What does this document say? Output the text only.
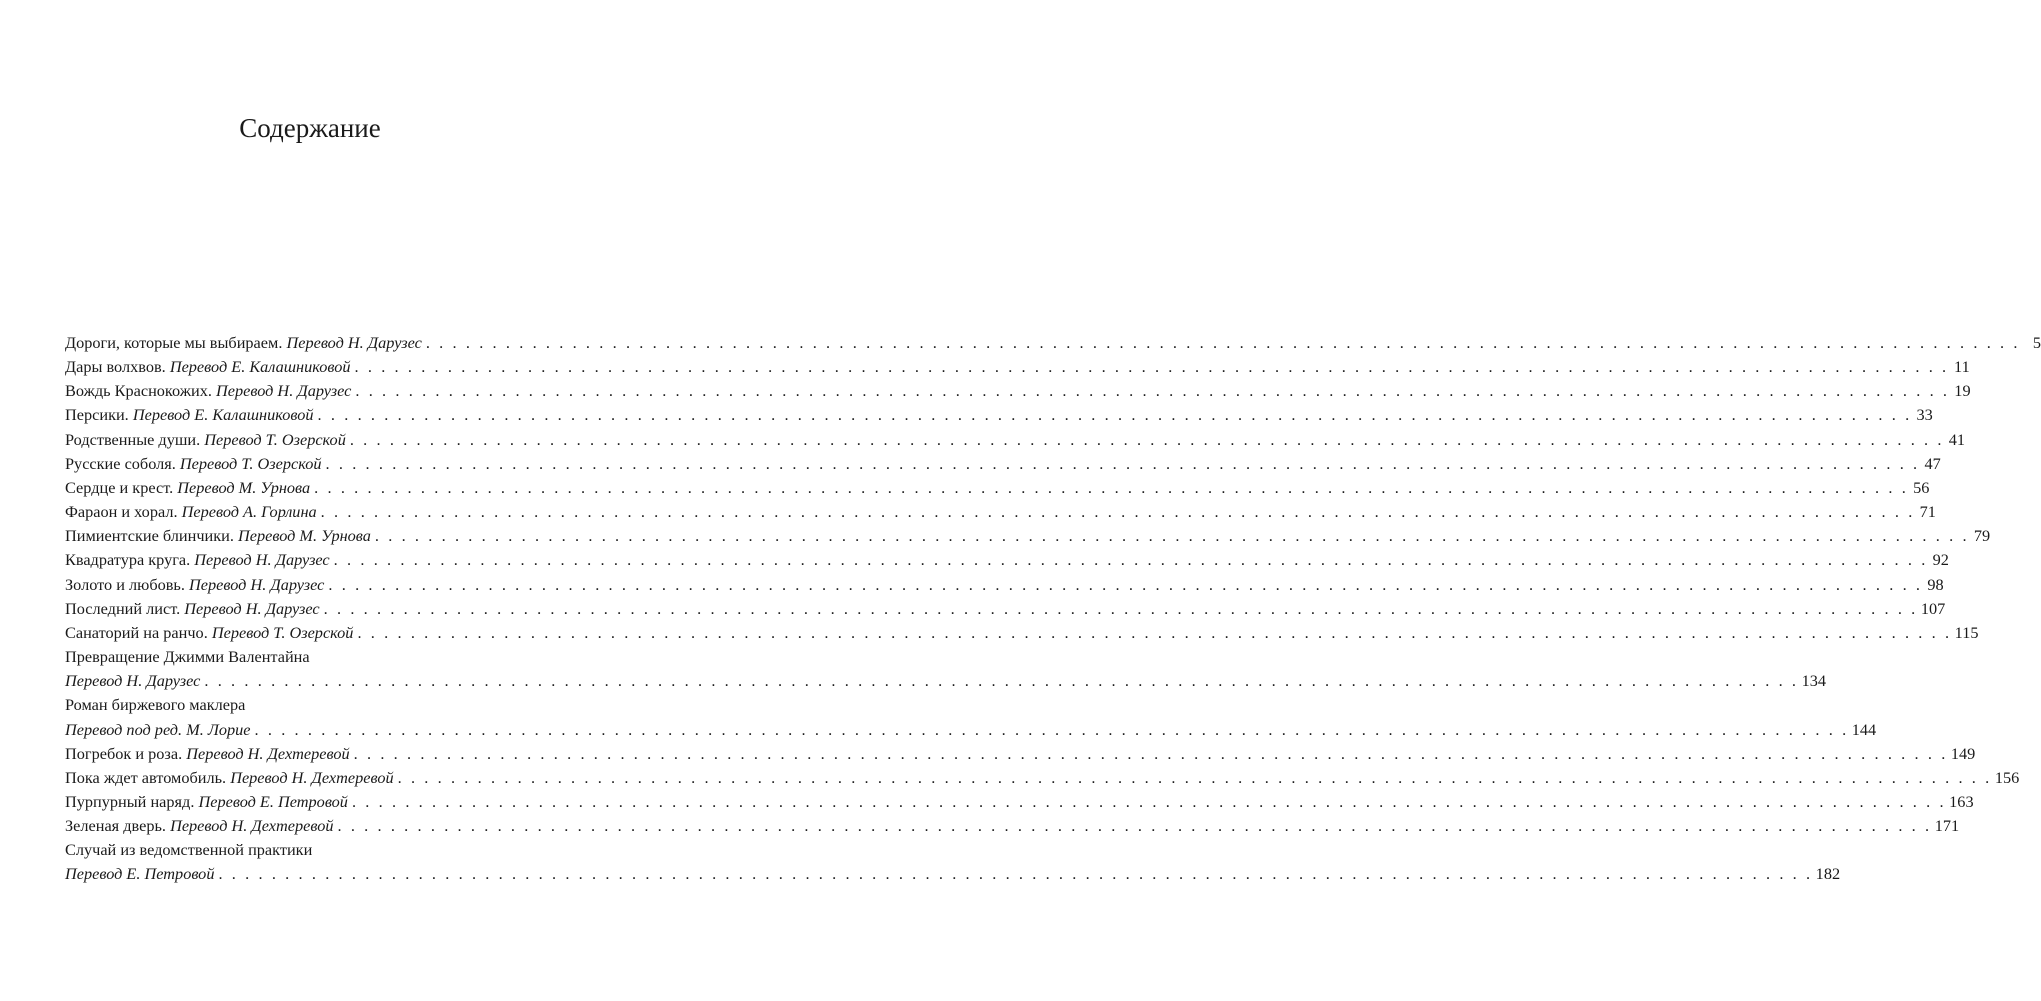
Содержание
Дороги, которые мы выбираем.
Перевод Н. Дарузес . . . . . . . . . . . . . . . . . . . . . . . . . . . . . . . . . . . . . . . . . . . . . . . . . . . . . . . . . . . . . . . . . . . . . . . . . . . . . . . . . . . . . . . . . . . . . . . . . . . . . . . . . . . . . . . . . . . . . . . . 5
Дары волхвов.
Перевод Е. Калашниковой . . . . . . . . . . . . . . . . . . . . . . . . . . . . . . . . . . . . . . . . . . . . . . . . . . . . . . . . . . . . . . . . . . . . . . . . . . . . . . . . . . . . . . . . . . . . . . . . . . . . . . . . . . . . . . . . . . . . . . . . 11
Вождь Краснокожих.
Перевод Н. Дарузес . . . . . . . . . . . . . . . . . . . . . . . . . . . . . . . . . . . . . . . . . . . . . . . . . . . . . . . . . . . . . . . . . . . . . . . . . . . . . . . . . . . . . . . . . . . . . . . . . . . . . . . . . . . . . . . . . . . . . . . . 19
Персики.
Перевод Е. Калашниковой . . . . . . . . . . . . . . . . . . . . . . . . . . . . . . . . . . . . . . . . . . . . . . . . . . . . . . . . . . . . . . . . . . . . . . . . . . . . . . . . . . . . . . . . . . . . . . . . . . . . . . . . . . . . . . . . . . . . . . . . 33
Родственные души.
Перевод Т. Озерской . . . . . . . . . . . . . . . . . . . . . . . . . . . . . . . . . . . . . . . . . . . . . . . . . . . . . . . . . . . . . . . . . . . . . . . . . . . . . . . . . . . . . . . . . . . . . . . . . . . . . . . . . . . . . . . . . . . . . . . . 41
Русские соболя.
Перевод Т. Озерской . . . . . . . . . . . . . . . . . . . . . . . . . . . . . . . . . . . . . . . . . . . . . . . . . . . . . . . . . . . . . . . . . . . . . . . . . . . . . . . . . . . . . . . . . . . . . . . . . . . . . . . . . . . . . . . . . . . . . . . . 47
Сердце и крест.
Перевод М. Урнова . . . . . . . . . . . . . . . . . . . . . . . . . . . . . . . . . . . . . . . . . . . . . . . . . . . . . . . . . . . . . . . . . . . . . . . . . . . . . . . . . . . . . . . . . . . . . . . . . . . . . . . . . . . . . . . . . . . . . . . . 56
Фараон и хорал.
Перевод А. Горлина . . . . . . . . . . . . . . . . . . . . . . . . . . . . . . . . . . . . . . . . . . . . . . . . . . . . . . . . . . . . . . . . . . . . . . . . . . . . . . . . . . . . . . . . . . . . . . . . . . . . . . . . . . . . . . . . . . . . . . . . 71
Пимиентские блинчики.
Перевод М. Урнова . . . . . . . . . . . . . . . . . . . . . . . . . . . . . . . . . . . . . . . . . . . . . . . . . . . . . . . . . . . . . . . . . . . . . . . . . . . . . . . . . . . . . . . . . . . . . . . . . . . . . . . . . . . . . . . . . . . . . . . . 79
Квадратура круга.
Перевод Н. Дарузес . . . . . . . . . . . . . . . . . . . . . . . . . . . . . . . . . . . . . . . . . . . . . . . . . . . . . . . . . . . . . . . . . . . . . . . . . . . . . . . . . . . . . . . . . . . . . . . . . . . . . . . . . . . . . . . . . . . . . . . . 92
Золото и любовь.
Перевод Н. Дарузес . . . . . . . . . . . . . . . . . . . . . . . . . . . . . . . . . . . . . . . . . . . . . . . . . . . . . . . . . . . . . . . . . . . . . . . . . . . . . . . . . . . . . . . . . . . . . . . . . . . . . . . . . . . . . . . . . . . . . . . . 98
Последний лист.
Перевод Н. Дарузес . . . . . . . . . . . . . . . . . . . . . . . . . . . . . . . . . . . . . . . . . . . . . . . . . . . . . . . . . . . . . . . . . . . . . . . . . . . . . . . . . . . . . . . . . . . . . . . . . . . . . . . . . . . . . . . . . . . . . . . . 107
Санаторий на ранчо.
Перевод Т. Озерской . . . . . . . . . . . . . . . . . . . . . . . . . . . . . . . . . . . . . . . . . . . . . . . . . . . . . . . . . . . . . . . . . . . . . . . . . . . . . . . . . . . . . . . . . . . . . . . . . . . . . . . . . . . . . . . . . . . . . . . . 115
Превращение Джимми Валентайна
Перевод Н. Дарузес . . . . . . . . . . . . . . . . . . . . . . . . . . . . . . . . . . . . . . . . . . . . . . . . . . . . . . . . . . . . . . . . . . . . . . . . . . . . . . . . . . . . . . . . . . . . . . . . . . . . . . . . . . . . . . . . . . . . . . . . 134
Роман биржевого маклера
Перевод под ред. М. Лорие . . . . . . . . . . . . . . . . . . . . . . . . . . . . . . . . . . . . . . . . . . . . . . . . . . . . . . . . . . . . . . . . . . . . . . . . . . . . . . . . . . . . . . . . . . . . . . . . . . . . . . . . . . . . . . . . . . . . . . . . 144
Погребок и роза.
Перевод Н. Дехтеревой . . . . . . . . . . . . . . . . . . . . . . . . . . . . . . . . . . . . . . . . . . . . . . . . . . . . . . . . . . . . . . . . . . . . . . . . . . . . . . . . . . . . . . . . . . . . . . . . . . . . . . . . . . . . . . . . . . . . . . . . 149
Пока ждет автомобиль.
Перевод Н. Дехтеревой . . . . . . . . . . . . . . . . . . . . . . . . . . . . . . . . . . . . . . . . . . . . . . . . . . . . . . . . . . . . . . . . . . . . . . . . . . . . . . . . . . . . . . . . . . . . . . . . . . . . . . . . . . . . . . . . . . . . . . . . 156
Пурпурный наряд.
Перевод Е. Петровой . . . . . . . . . . . . . . . . . . . . . . . . . . . . . . . . . . . . . . . . . . . . . . . . . . . . . . . . . . . . . . . . . . . . . . . . . . . . . . . . . . . . . . . . . . . . . . . . . . . . . . . . . . . . . . . . . . . . . . . . 163
Зеленая дверь.
Перевод Н. Дехтеревой . . . . . . . . . . . . . . . . . . . . . . . . . . . . . . . . . . . . . . . . . . . . . . . . . . . . . . . . . . . . . . . . . . . . . . . . . . . . . . . . . . . . . . . . . . . . . . . . . . . . . . . . . . . . . . . . . . . . . . . . 171
Случай из ведомственной практики
Перевод Е. Петровой . . . . . . . . . . . . . . . . . . . . . . . . . . . . . . . . . . . . . . . . . . . . . . . . . . . . . . . . . . . . . . . . . . . . . . . . . . . . . . . . . . . . . . . . . . . . . . . . . . . . . . . . . . . . . . . . . . . . . . . . 182
